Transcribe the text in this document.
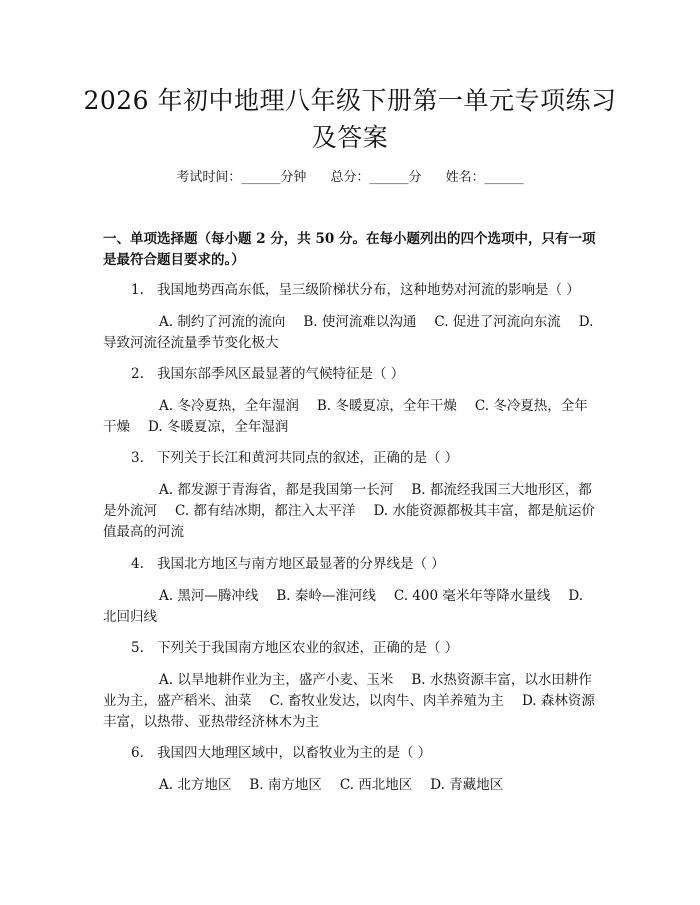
2026 年初中地理八年级下册第一单元专项练习及答案
考试时间：______分钟 总分：______分 姓名：______
一、单项选择题（每小题 2 分，共 50 分。在每小题列出的四个选项中，只有一项是最符合题目要求的。）
1. 我国地势西高东低，呈三级阶梯状分布，这种地势对河流的影响是（ ）
A. 制约了河流的流向 B. 使河流难以沟通 C. 促进了河流向东流 D. 导致河流径流量季节变化极大
2. 我国东部季风区最显著的气候特征是（ ）
A. 冬冷夏热，全年湿润 B. 冬暖夏凉，全年干燥 C. 冬冷夏热，全年干燥 D. 冬暖夏凉，全年湿润
3. 下列关于长江和黄河共同点的叙述，正确的是（ ）
A. 都发源于青海省，都是我国第一长河 B. 都流经我国三大地形区，都是外流河 C. 都有结冰期，都注入太平洋 D. 水能资源都极其丰富，都是航运价值最高的河流
4. 我国北方地区与南方地区最显著的分界线是（ ）
A. 黑河—腾冲线 B. 秦岭—淮河线 C. 400 毫米年等降水量线 D. 北回归线
5. 下列关于我国南方地区农业的叙述，正确的是（ ）
A. 以旱地耕作业为主，盛产小麦、玉米 B. 水热资源丰富，以水田耕作业为主，盛产稻米、油菜 C. 畜牧业发达，以肉牛、肉羊养殖为主 D. 森林资源丰富，以热带、亚热带经济林木为主
6. 我国四大地理区域中，以畜牧业为主的是（ ）
A. 北方地区 B. 南方地区 C. 西北地区 D. 青藏地区
